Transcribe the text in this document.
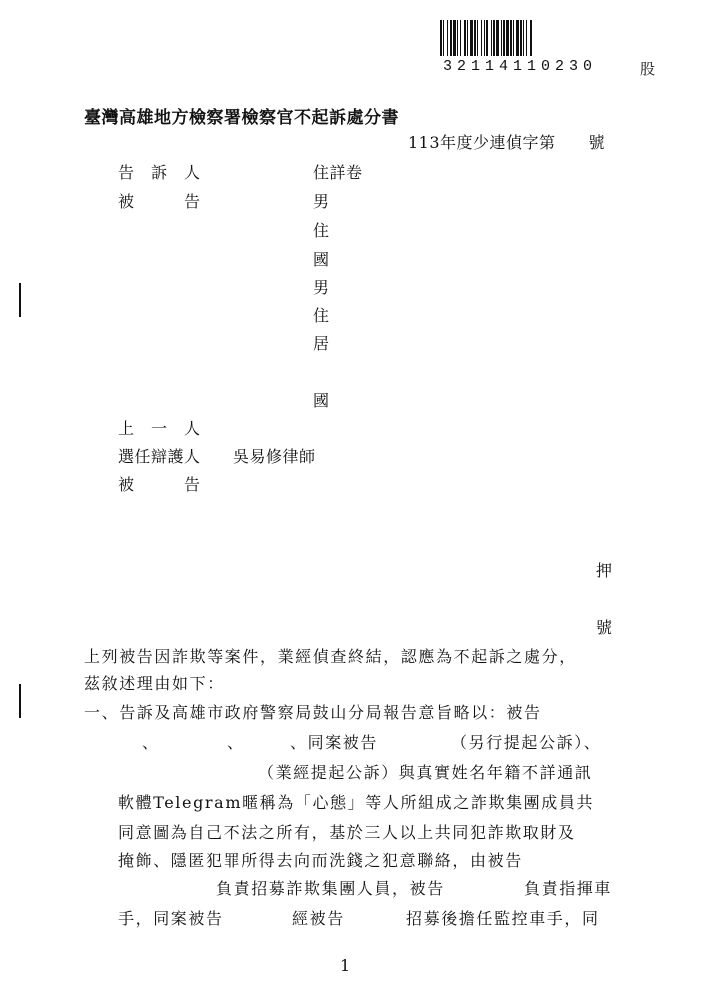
32114110230	股
臺灣高雄地方檢察署檢察官不起訴處分書
113年度少連偵字第　　號
告　訴　人	住詳卷
被　　　告	男
住
國
男
住
居
國
上　一　人
選任辯護人 吳易修律師
被　　　告
押
號
上列被告因詐欺等案件，業經偵查終結，認應為不起訴之處分，
茲敘述理由如下：
一、告訴及高雄市政府警察局鼓山分局報告意旨略以：被告
、	、	、同案被告	（另行提起公訴）、
（業經提起公訴）與真實姓名年籍不詳通訊
軟體Telegram暱稱為「心態」等人所組成之詐欺集團成員共
同意圖為自己不法之所有，基於三人以上共同犯詐欺取財及
掩飾、隱匿犯罪所得去向而洗錢之犯意聯絡，由被告
負責招募詐欺集團人員，被告	負責指揮車
手，同案被告	經被告	招募後擔任監控車手，同
1
